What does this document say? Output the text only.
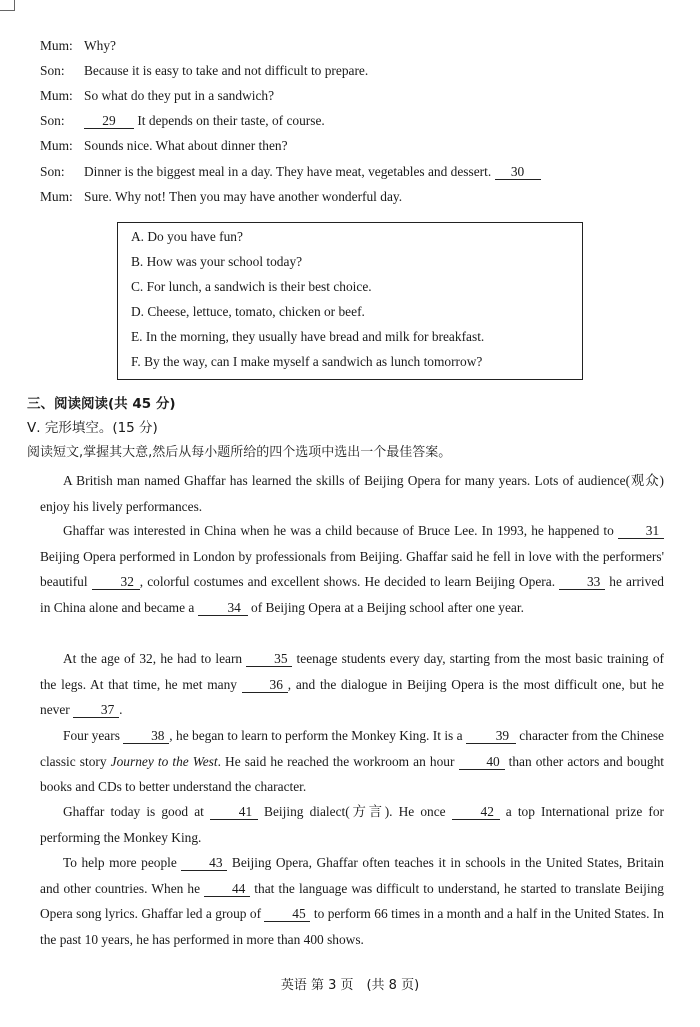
Mum: Why?
Son: Because it is easy to take and not difficult to prepare.
Mum: So what do they put in a sandwich?
Son:	29 It depends on their taste, of course.
Mum: Sounds nice. What about dinner then?
Son: Dinner is the biggest meal in a day. They have meat, vegetables and dessert. 30
Mum: Sure. Why not! Then you may have another wonderful day.
A. Do you have fun?
B. How was your school today?
C. For lunch, a sandwich is their best choice.
D. Cheese, lettuce, tomato, chicken or beef.
E. In the morning, they usually have bread and milk for breakfast.
F. By the way, can I make myself a sandwich as lunch tomorrow?
三、阅读阅读(共 45 分)
Ⅴ. 完形填空。(15 分)
阅读短文,掌握其大意,然后从每小题所给的四个选项中选出一个最佳答案。
A British man named Ghaffar has learned the skills of Beijing Opera for many years. Lots of audience(观众) enjoy his lively performances.
Ghaffar was interested in China when he was a child because of Bruce Lee. In 1993, he happened to 31 Beijing Opera performed in London by professionals from Beijing. Ghaffar said he fell in love with the performers' beautiful 32 , colorful costumes and excellent shows. He decided to learn Beijing Opera. 33 he arrived in China alone and became a 34 of Beijing Opera at a Beijing school after one year.
At the age of 32, he had to learn 35 teenage students every day, starting from the most basic training of the legs. At that time, he met many 36 , and the dialogue in Beijing Opera is the most difficult one, but he never 37 .
Four years 38 , he began to learn to perform the Monkey King. It is a 39 character from the Chinese classic story Journey to the West. He said he reached the workroom an hour 40 than other actors and bought books and CDs to better understand the character.
Ghaffar today is good at 41 Beijing dialect(方言). He once 42 a top International prize for performing the Monkey King.
To help more people 43 Beijing Opera, Ghaffar often teaches it in schools in the United States, Britain and other countries. When he 44 that the language was difficult to understand, he started to translate Beijing Opera song lyrics. Ghaffar led a group of 45 to perform 66 times in a month and a half in the United States. In the past 10 years, he has performed in more than 400 shows.
英语 第 3 页　(共 8 页)
